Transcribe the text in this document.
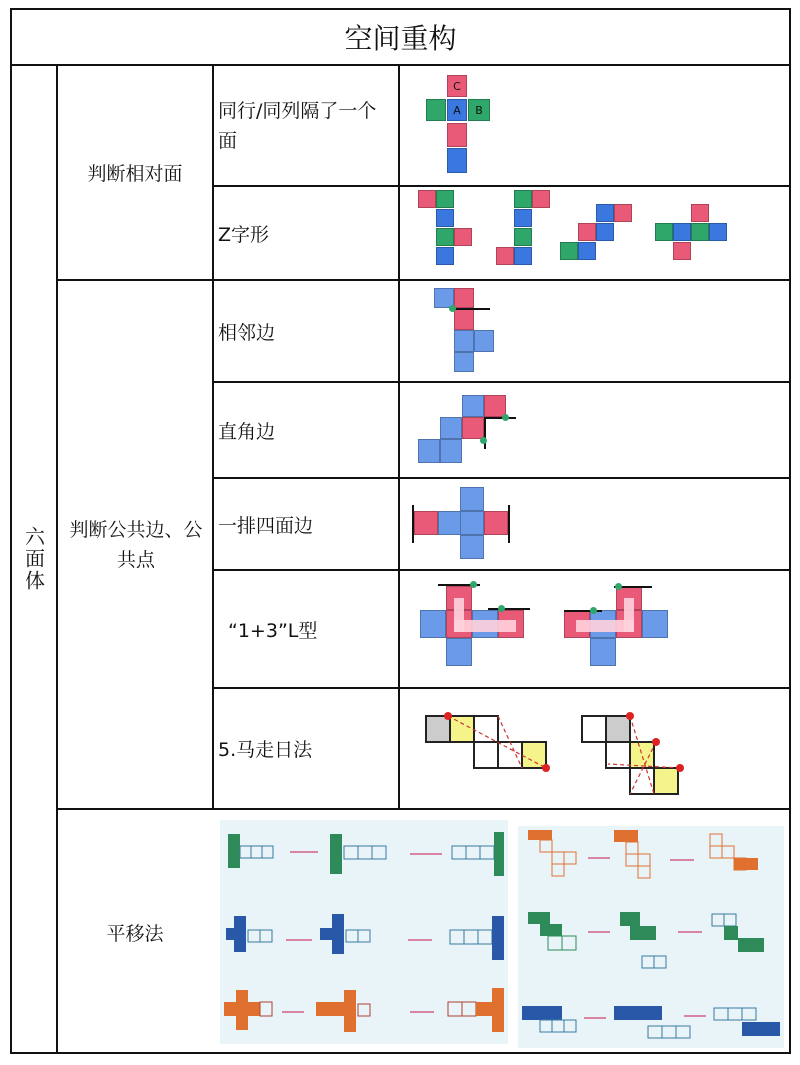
空间重构
六面体
判断相对面
判断公共边、公共点
平移法
同行/同列隔了一个面
Z字形
相邻边
直角边
一排四面边
“1+3”L型
5.马走日法
C
A	B
